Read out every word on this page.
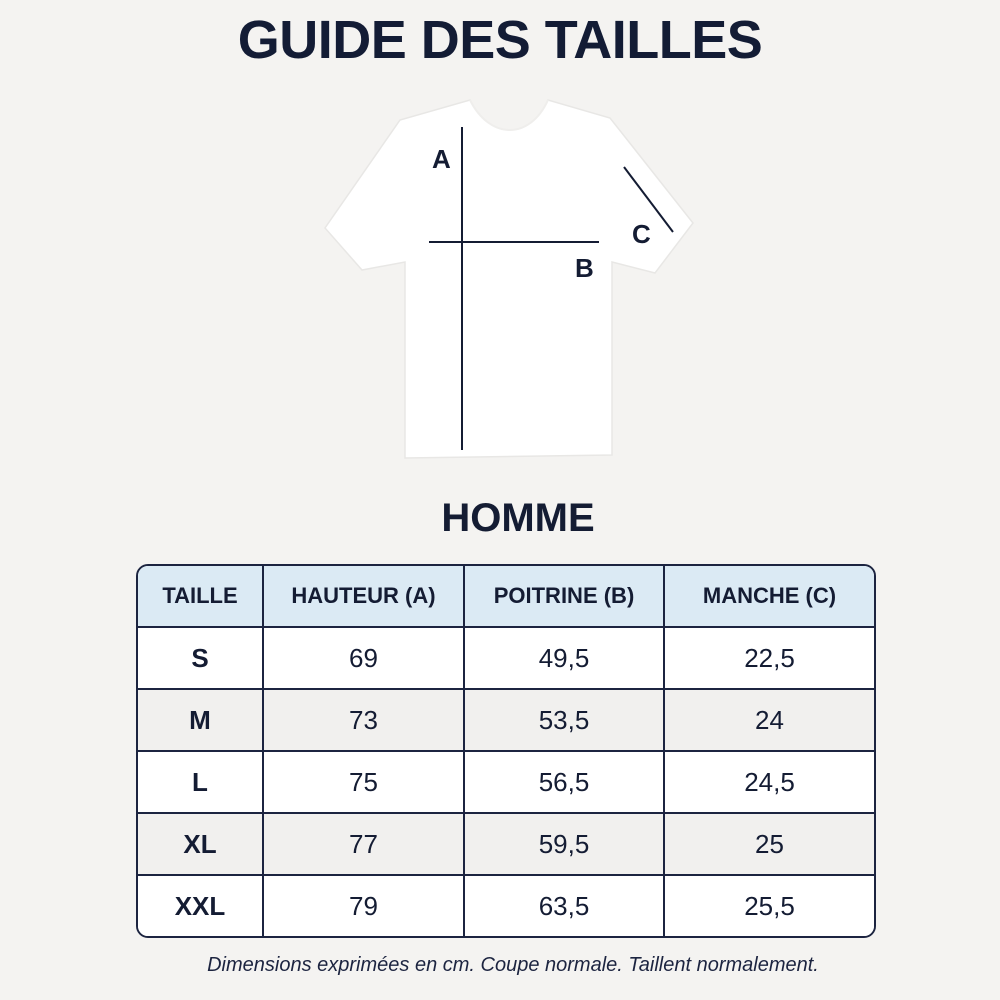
GUIDE DES TAILLES
A
B
C
HOMME
TAILLE	HAUTEUR (A)	POITRINE (B)	MANCHE (C)
S	69	49,5	22,5
M	73	53,5	24
L	75	56,5	24,5
XL	77	59,5	25
XXL	79	63,5	25,5

Dimensions exprimées en cm. Coupe normale. Taillent normalement.
